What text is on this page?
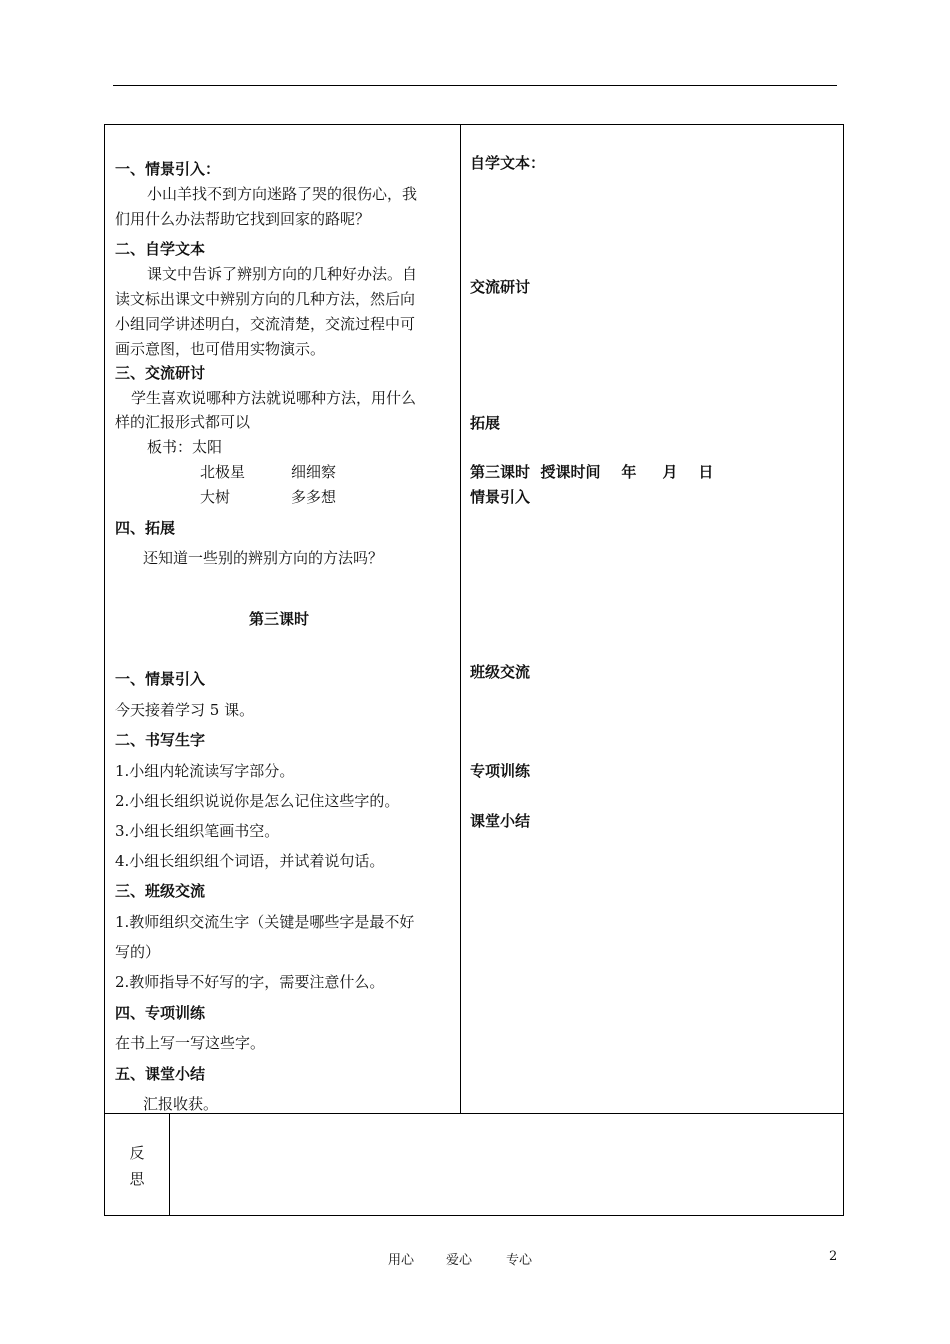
一、情景引入：
小山羊找不到方向迷路了哭的很伤心，我
们用什么办法帮助它找到回家的路呢？
二、自学文本
课文中告诉了辨别方向的几种好办法。自
读文标出课文中辨别方向的几种方法，然后向
小组同学讲述明白，交流清楚，交流过程中可
画示意图，也可借用实物演示。
三、交流研讨
学生喜欢说哪种方法就说哪种方法，用什么
样的汇报形式都可以
板书：太阳
北极星	细细察
大树	多多想
四、拓展
还知道一些别的辨别方向的方法吗？
第三课时
一、情景引入
今天接着学习 5 课。
二、书写生字
1.小组内轮流读写字部分。
2.小组长组织说说你是怎么记住这些字的。
3.小组长组织笔画书空。
4.小组长组织组个词语，并试着说句话。
三、班级交流
1.教师组织交流生字（关键是哪些字是最不好
写的）
2.教师指导不好写的字，需要注意什么。
四、专项训练
在书上写一写这些字。
五、课堂小结
汇报收获。
自学文本：
交流研讨
拓展
第三课时  授课时间    年     月    日
情景引入
班级交流
专项训练
课堂小结
反
思
用心 爱心	专心	2
